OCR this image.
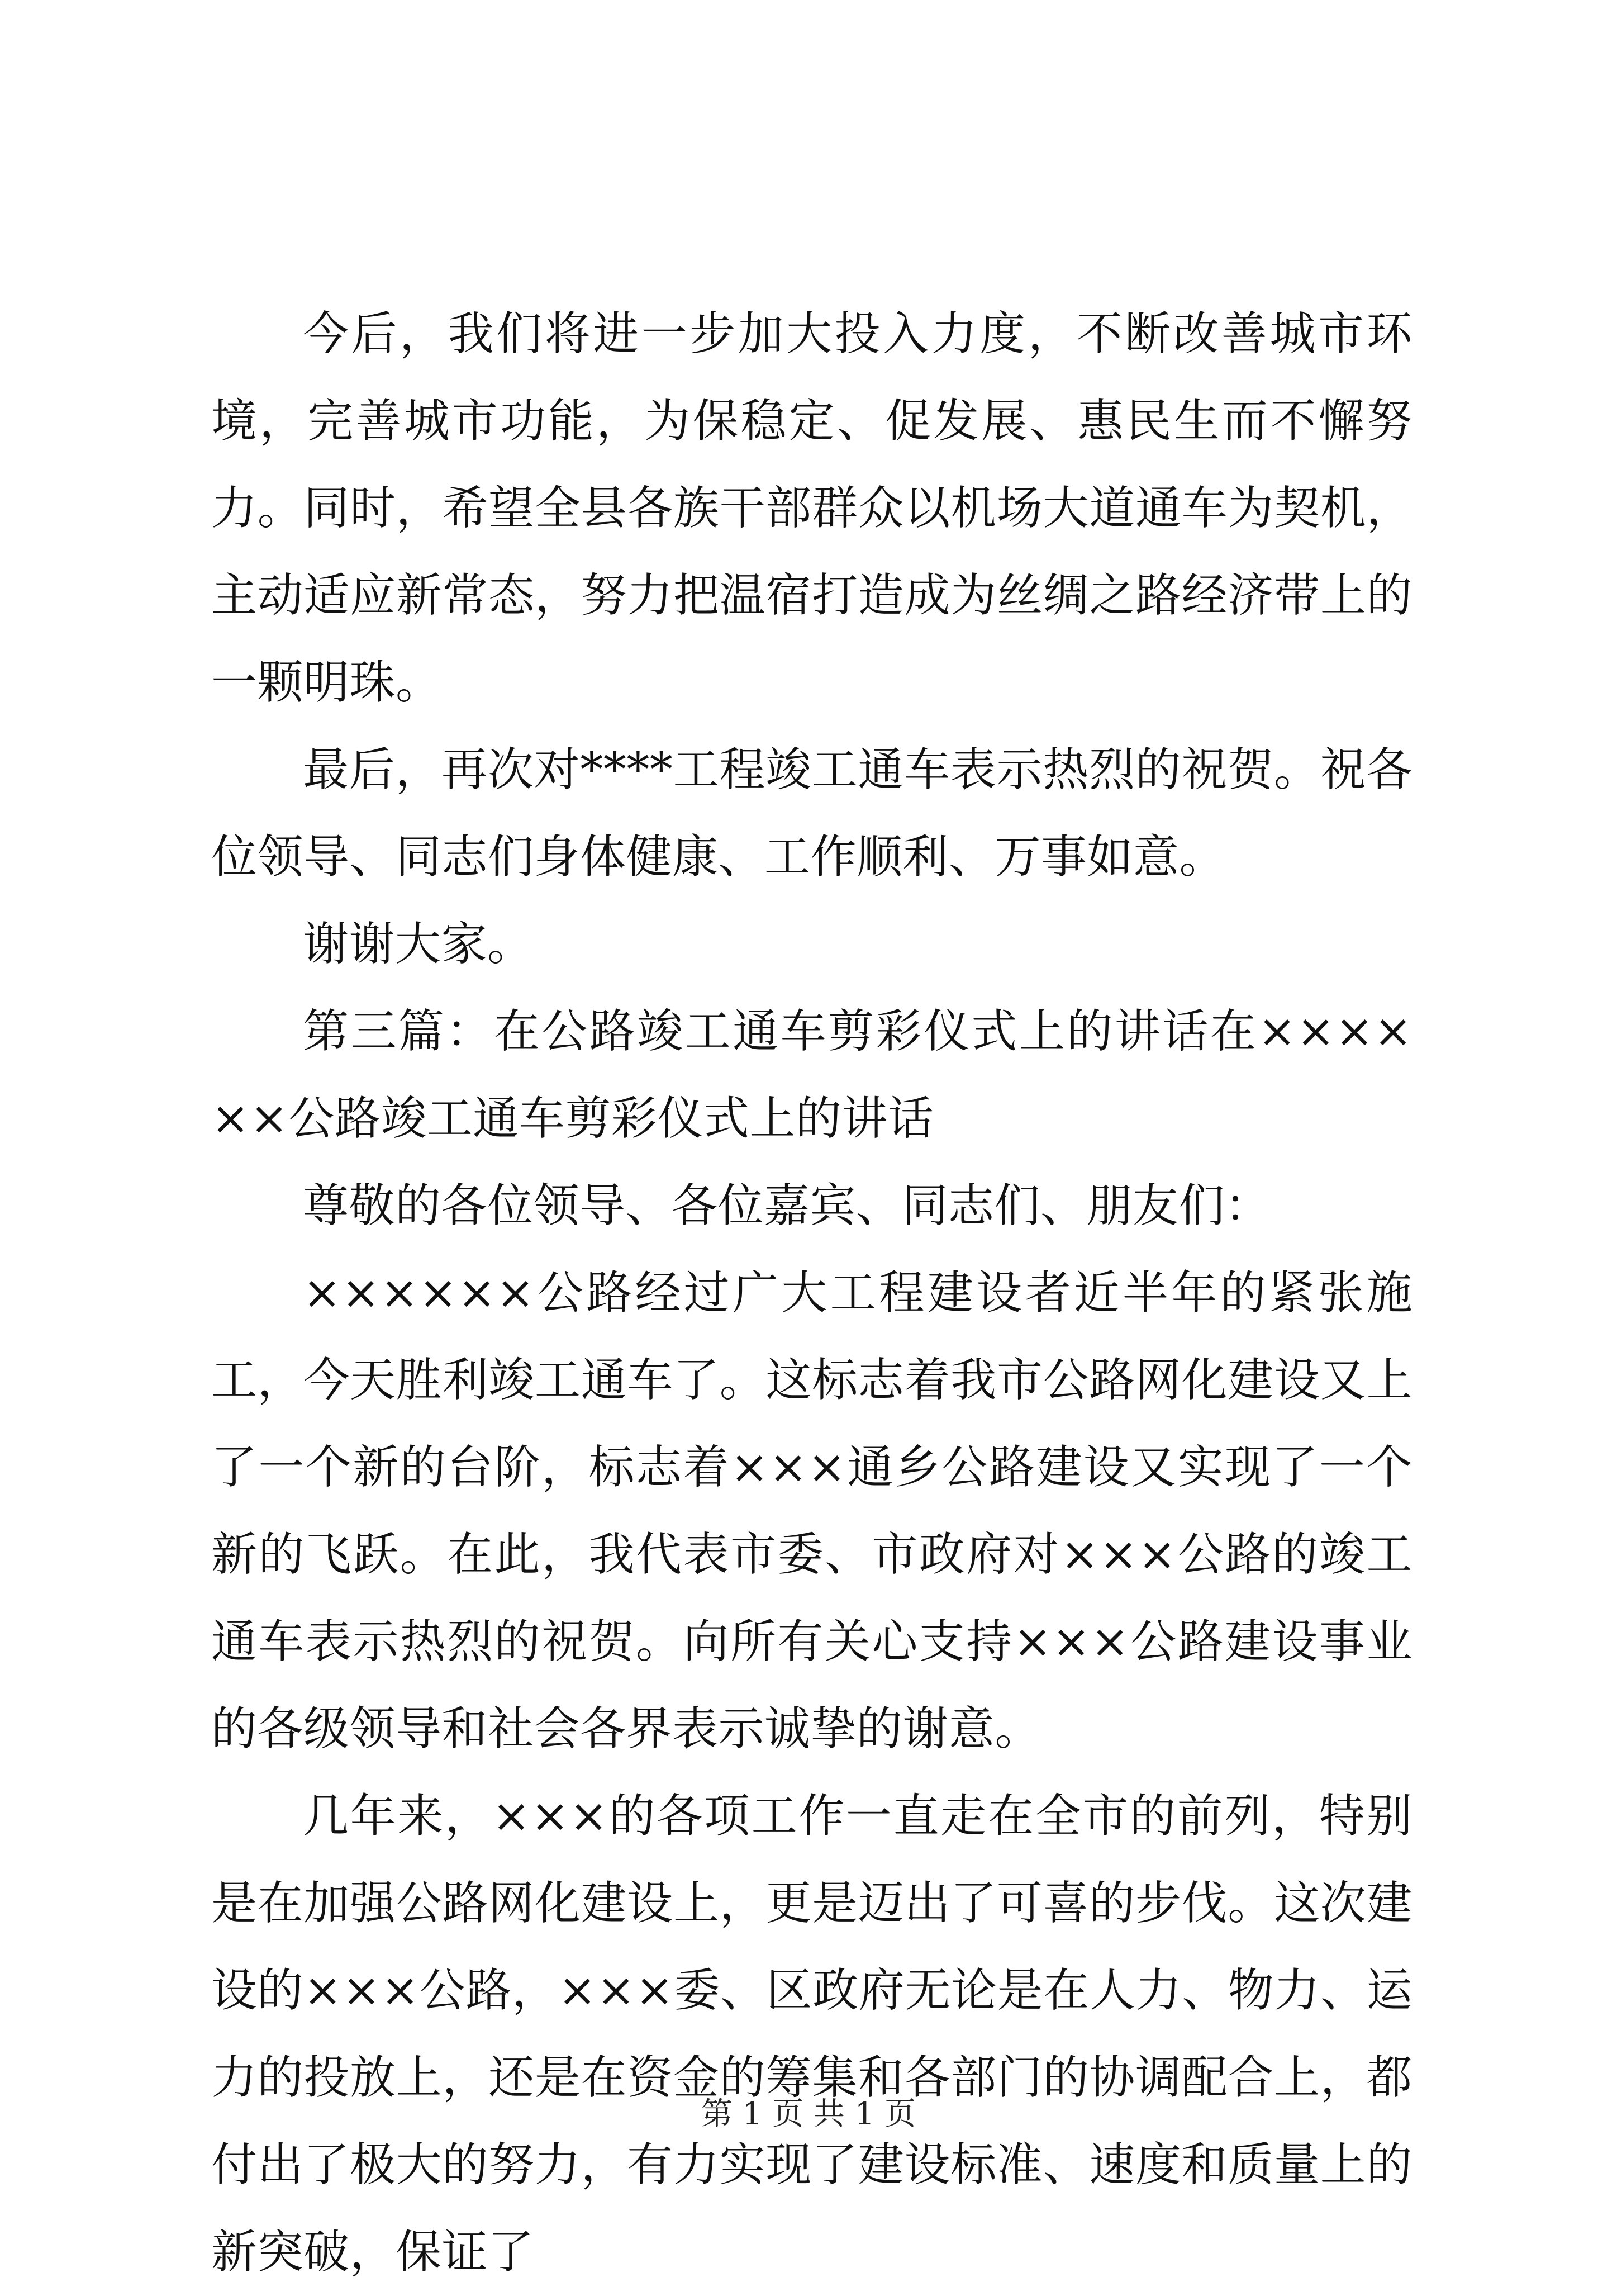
今后，我们将进一步加大投入力度，不断改善城市环境，完善城市功能，为保稳定、促发展、惠民生而不懈努力。同时，希望全县各族干部群众以机场大道通车为契机，主动适应新常态，努力把温宿打造成为丝绸之路经济带上的一颗明珠。

最后，再次对****工程竣工通车表示热烈的祝贺。祝各位领导、同志们身体健康、工作顺利、万事如意。

谢谢大家。

第三篇：在公路竣工通车剪彩仪式上的讲话在××××××公路竣工通车剪彩仪式上的讲话

尊敬的各位领导、各位嘉宾、同志们、朋友们：

××××××公路经过广大工程建设者近半年的紧张施工，今天胜利竣工通车了。这标志着我市公路网化建设又上了一个新的台阶，标志着×××通乡公路建设又实现了一个新的飞跃。在此，我代表市委、市政府对×××公路的竣工通车表示热烈的祝贺。向所有关心支持×××公路建设事业的各级领导和社会各界表示诚挚的谢意。

几年来，×××的各项工作一直走在全市的前列，特别是在加强公路网化建设上，更是迈出了可喜的步伐。这次建设的×××公路，×××委、区政府无论是在人力、物力、运力的投放上，还是在资金的筹集和各部门的协调配合上，都付出了极大的努力，有力实现了建设标准、速度和质量上的新突破，保证了

第 1 页 共 1 页
